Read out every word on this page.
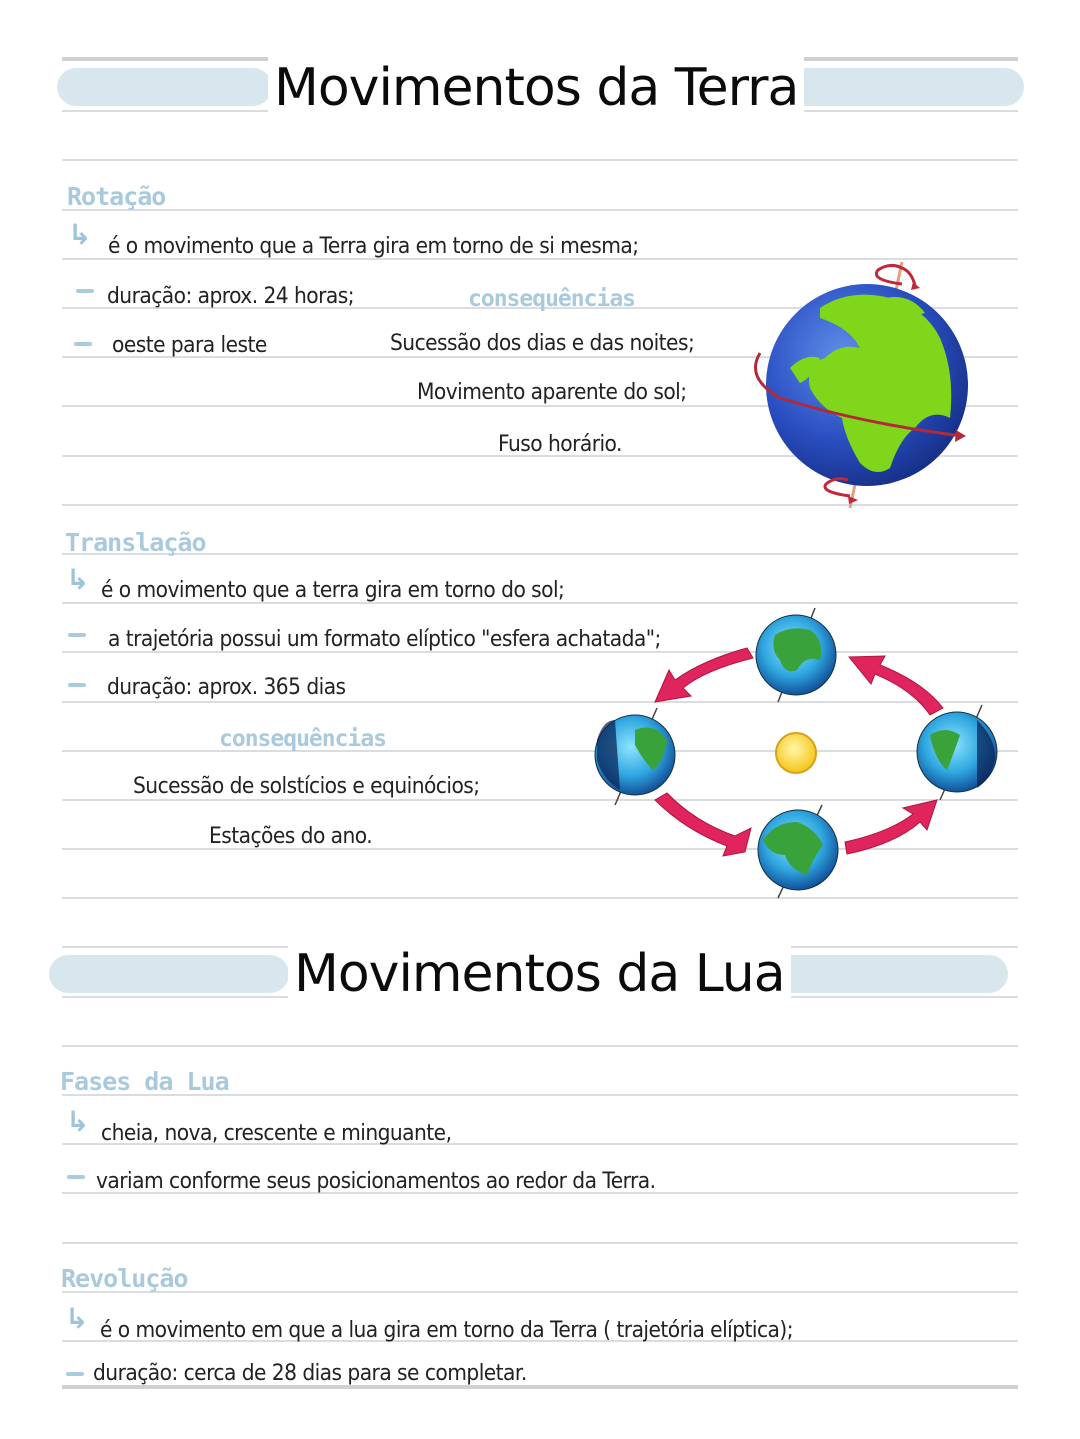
Movimentos da Terra
Rotação
↳ é o movimento que a Terra gira em torno de si mesma;
duração: aprox. 24 horas;
oeste para leste
consequências
Sucessão dos dias e das noites;
Movimento aparente do sol;
Fuso horário.
Translação
↳ é o movimento que a terra gira em torno do sol;
a trajetória possui um formato elíptico "esfera achatada";
duração: aprox. 365 dias
consequências
Sucessão de solstícios e equinócios;
Estações do ano.
Movimentos da Lua
Fases da Lua
↳ cheia, nova, crescente e minguante,
variam conforme seus posicionamentos ao redor da Terra.
Revolução
↳ é o movimento em que a lua gira em torno da Terra ( trajetória elíptica);
duração: cerca de 28 dias para se completar.
